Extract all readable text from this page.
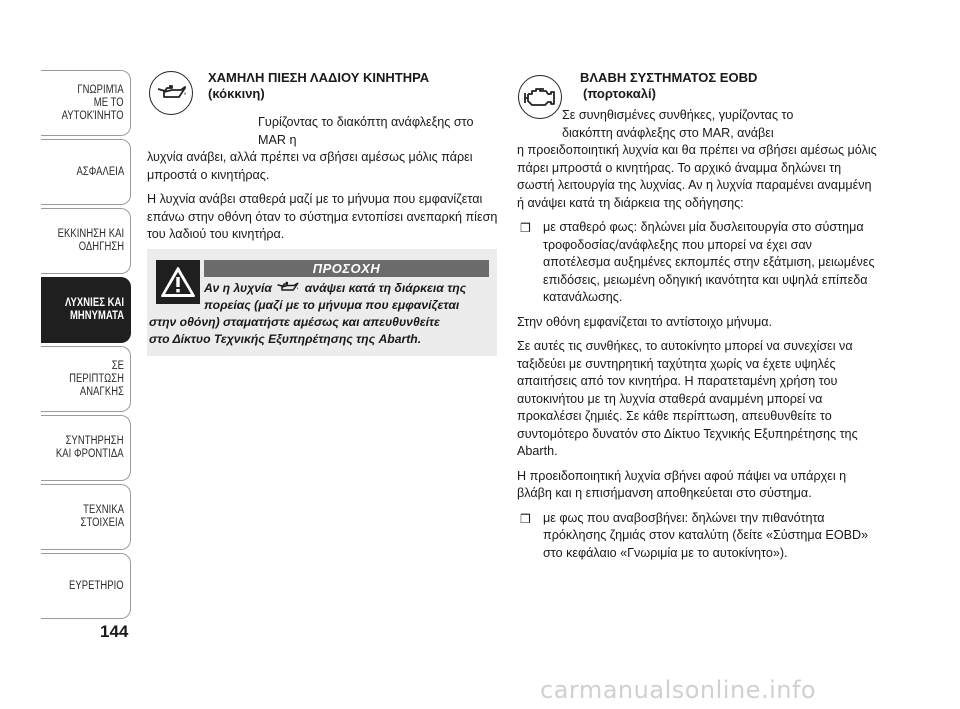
ΓΝΩΡΙΜΊΑ
ΜΕ ΤΟ
ΑΥΤΟΚΊΝΗΤΟ
ΑΣΦΑΛΕΙΑ
ΕΚΚΙΝΗΣΗ ΚΑΙ
ΟΔΗΓΗΣΗ
ΛΥΧΝΙΕΣ ΚΑΙ
ΜΗΝΥΜΑΤΑ
ΣΕ ΠΕΡΙΠΤΩΣΗ
ΑΝΑΓΚΗΣ
ΣΥΝΤΗΡΗΣΗ
ΚΑΙ ΦΡΟΝΤΙΔΑ
ΤΕΧΝΙΚΑ
ΣΤΟΙΧΕΙΑ
ΕΥΡΕΤΗΡΙΟ
144

ΧΑΜΗΛΗ ΠΙΕΣΗ ΛΑΔΙΟΥ ΚΙΝΗΤΗΡΑ

(κόκκινη)

Γυρίζοντας το διακόπτη ανάφλεξης στο MAR η

λυχνία ανάβει, αλλά πρέπει να σβήσει αμέσως μόλις πάρει μπροστά ο κινητήρας.

Η λυχνία ανάβει σταθερά μαζί με το μήνυμα που εμφανίζεται επάνω στην οθόνη όταν το σύστημα εντοπίσει ανεπαρκή πίεση του λαδιού του κινητήρα.

ΠΡΟΣΟΧΗ
Αν η λυχνία	ανάψει κατά τη διάρκεια της
πορείας (μαζί με το μήνυμα που εμφανίζεται
στην οθόνη) σταματήστε αμέσως και απευθυνθείτε
στο Δίκτυο Τεχνικής Εξυπηρέτησης της Abarth.

ΒΛΑΒΗ ΣΥΣΤΗΜΑΤΟΣ EOBD

(πορτοκαλί)

Σε συνηθισμένες συνθήκες, γυρίζοντας το

διακόπτη ανάφλεξης στο MAR, ανάβει

η προειδοποιητική λυχνία και θα πρέπει να σβήσει αμέσως μόλις πάρει μπροστά ο κινητήρας. Το αρχικό άναμμα δηλώνει τη σωστή λειτουργία της λυχνίας. Αν η λυχνία παραμένει αναμμένη ή ανάψει κατά τη διάρκεια της οδήγησης:

❒ με σταθερό φως: δηλώνει μία δυσλειτουργία στο σύστημα τροφοδοσίας/ανάφλεξης που μπορεί να έχει σαν αποτέλεσμα αυξημένες εκπομπές στην εξάτμιση, μειωμένες επιδόσεις, μειωμένη οδηγική ικανότητα και υψηλά επίπεδα κατανάλωσης.

Στην οθόνη εμφανίζεται το αντίστοιχο μήνυμα.

Σε αυτές τις συνθήκες, το αυτοκίνητο μπορεί να συνεχίσει να ταξιδεύει με συντηρητική ταχύτητα χωρίς να έχετε υψηλές απαιτήσεις από τον κινητήρα. Η παρατεταμένη χρήση του αυτοκινήτου με τη λυχνία σταθερά αναμμένη μπορεί να προκαλέσει ζημιές. Σε κάθε περίπτωση, απευθυνθείτε το συντομότερο δυνατόν στο Δίκτυο Τεχνικής Εξυπηρέτησης της Abarth.

Η προειδοποιητική λυχνία σβήνει αφού πάψει να υπάρχει η βλάβη και η επισήμανση αποθηκεύεται στο σύστημα.

❒ με φως που αναβοσβήνει: δηλώνει την πιθανότητα πρόκλησης ζημιάς στον καταλύτη (δείτε «Σύστημα EOBD» στο κεφάλαιο «Γνωριμία με το αυτοκίνητο»).

carmanualsonline.info
